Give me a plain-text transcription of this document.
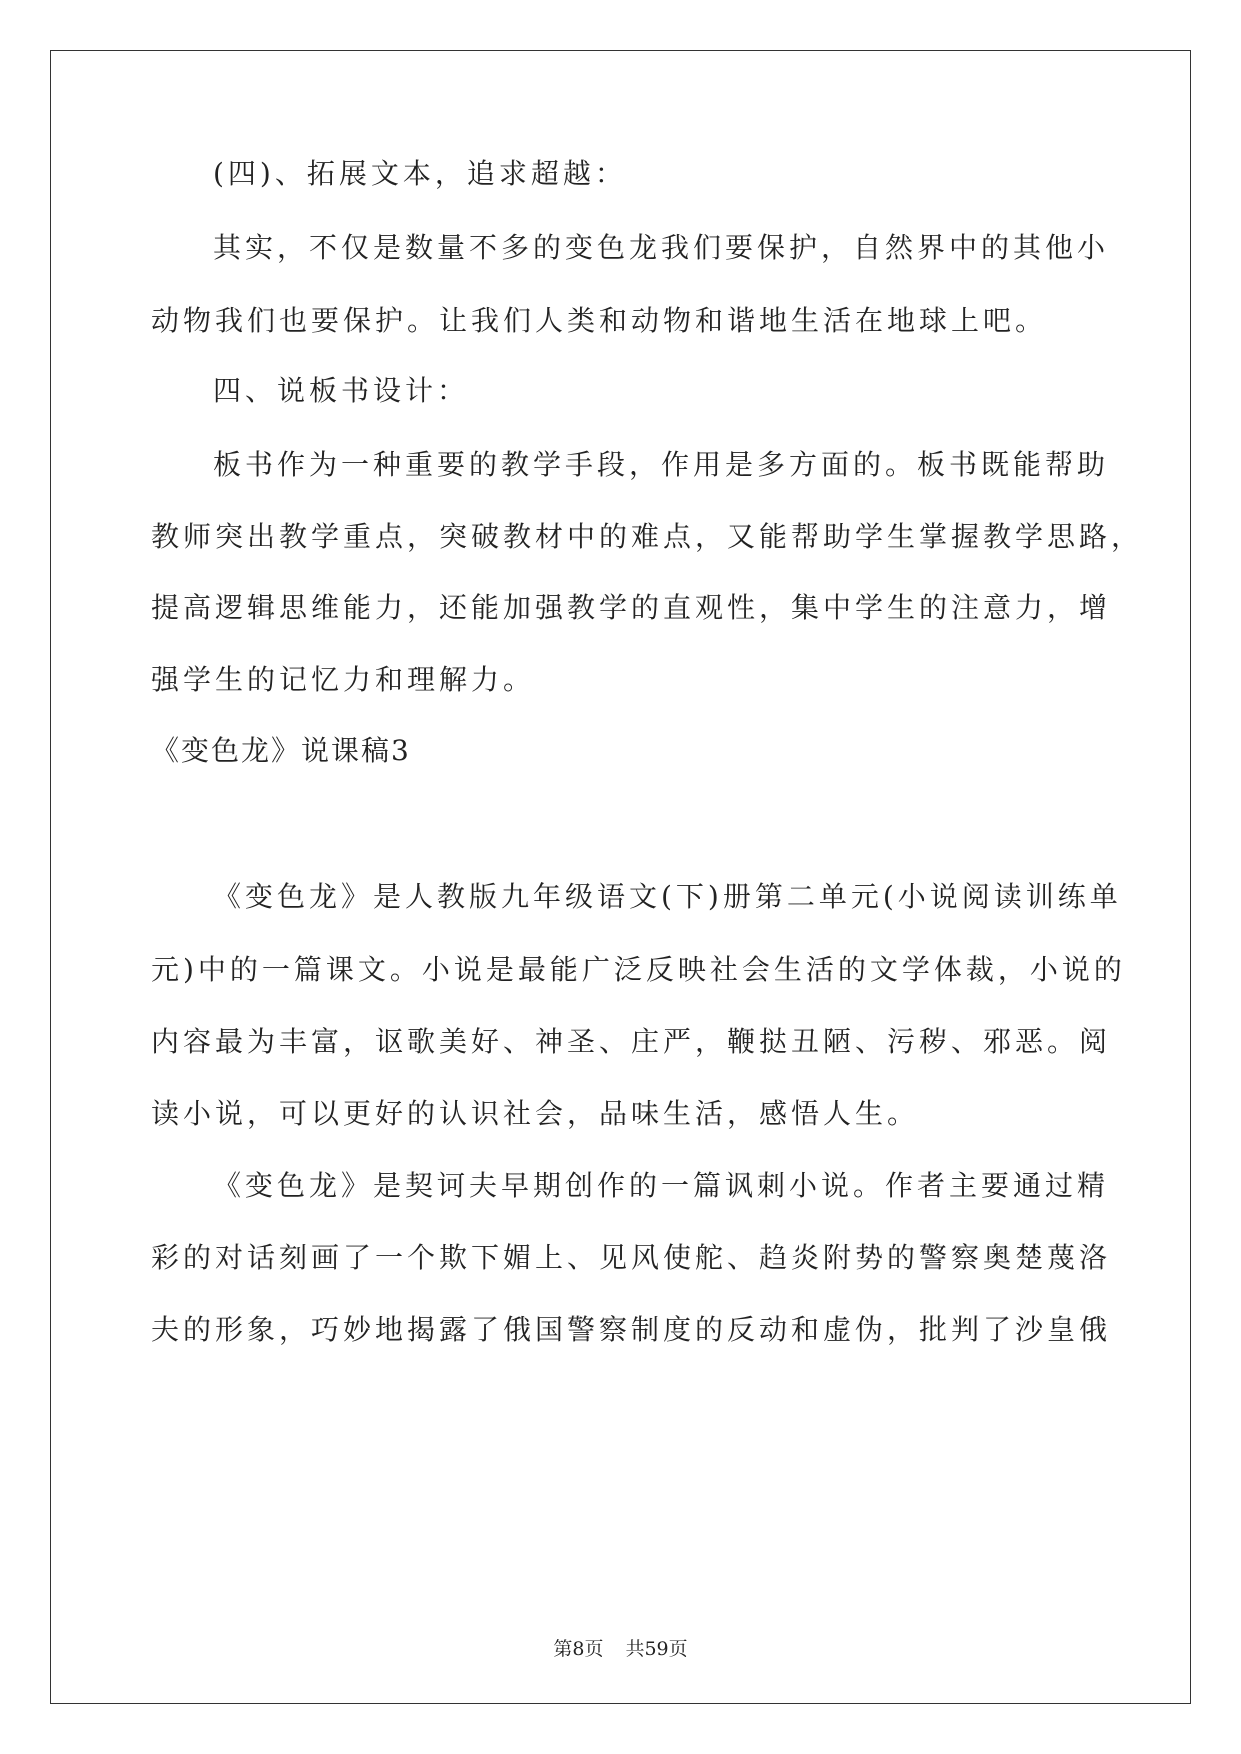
(四)、拓展文本，追求超越：
其实，不仅是数量不多的变色龙我们要保护，自然界中的其他小
动物我们也要保护。让我们人类和动物和谐地生活在地球上吧。
四、说板书设计：
板书作为一种重要的教学手段，作用是多方面的。板书既能帮助
教师突出教学重点，突破教材中的难点，又能帮助学生掌握教学思路，
提高逻辑思维能力，还能加强教学的直观性，集中学生的注意力，增
强学生的记忆力和理解力。
《变色龙》说课稿3
《变色龙》是人教版九年级语文(下)册第二单元(小说阅读训练单
元)中的一篇课文。小说是最能广泛反映社会生活的文学体裁，小说的
内容最为丰富，讴歌美好、神圣、庄严，鞭挞丑陋、污秽、邪恶。阅
读小说，可以更好的认识社会，品味生活，感悟人生。
《变色龙》是契诃夫早期创作的一篇讽刺小说。作者主要通过精
彩的对话刻画了一个欺下媚上、见风使舵、趋炎附势的警察奥楚蔑洛
夫的形象，巧妙地揭露了俄国警察制度的反动和虚伪，批判了沙皇俄
第8页 共59页
